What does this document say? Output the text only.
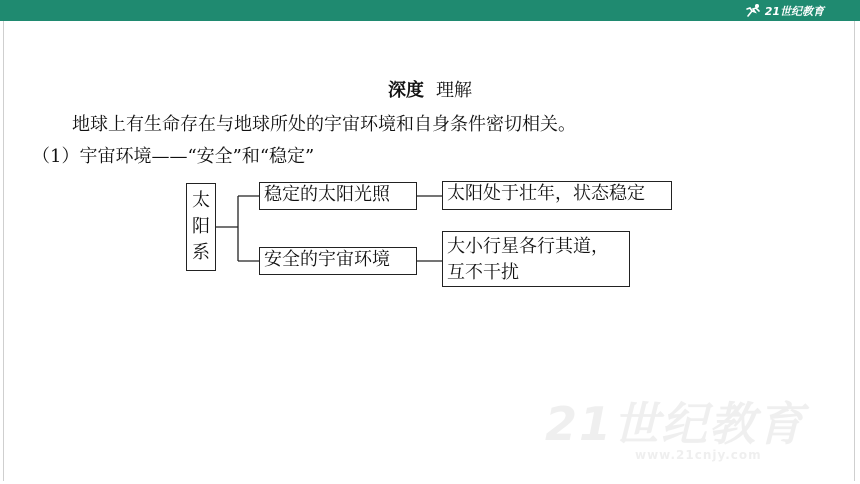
21世纪教育
深度 理解
地球上有生命存在与地球所处的宇宙环境和自身条件密切相关。
（1）宇宙环境——“安全”和“稳定”
太
阳
系
稳定的太阳光照
安全的宇宙环境
太阳处于壮年，状态稳定
大小行星各行其道，
互不干扰
21世纪教育
www.21cnjy.com
